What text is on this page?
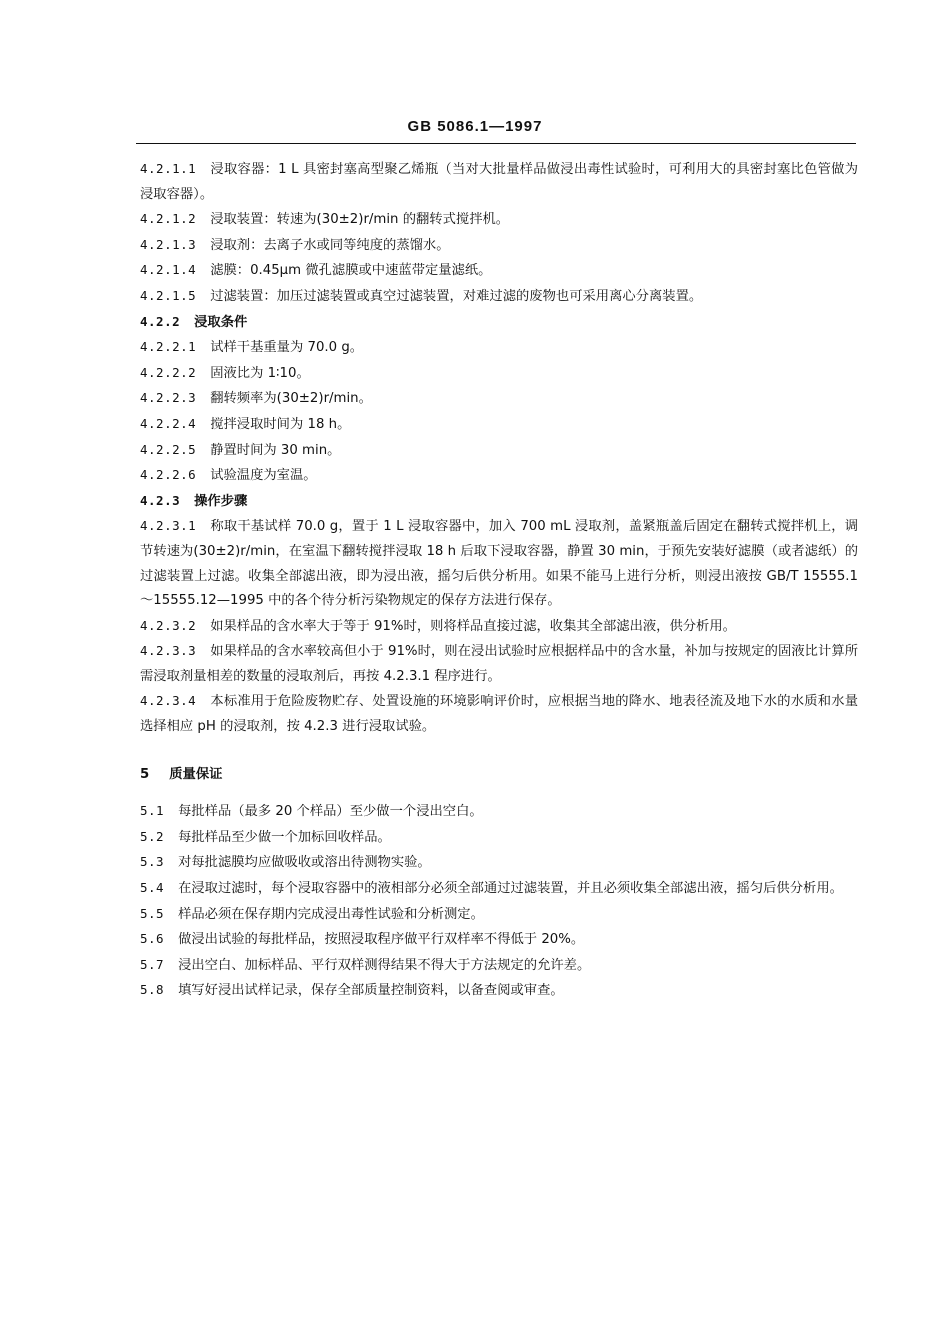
GB 5086.1—1997

4.2.1.1 浸取容器：1 L 具密封塞高型聚乙烯瓶（当对大批量样品做浸出毒性试验时，可利用大的具密封塞比色管做为浸取容器）。

4.2.1.2 浸取装置：转速为(30±2)r/min 的翻转式搅拌机。

4.2.1.3 浸取剂：去离子水或同等纯度的蒸馏水。

4.2.1.4 滤膜：0.45μm 微孔滤膜或中速蓝带定量滤纸。

4.2.1.5 过滤装置：加压过滤装置或真空过滤装置，对难过滤的废物也可采用离心分离装置。

4.2.2 浸取条件

4.2.2.1 试样干基重量为 70.0 g。

4.2.2.2 固液比为 1∶10。

4.2.2.3 翻转频率为(30±2)r/min。

4.2.2.4 搅拌浸取时间为 18 h。

4.2.2.5 静置时间为 30 min。

4.2.2.6 试验温度为室温。

4.2.3 操作步骤

4.2.3.1 称取干基试样 70.0 g，置于 1 L 浸取容器中，加入 700 mL 浸取剂，盖紧瓶盖后固定在翻转式搅拌机上，调节转速为(30±2)r/min，在室温下翻转搅拌浸取 18 h 后取下浸取容器，静置 30 min，于预先安装好滤膜（或者滤纸）的过滤装置上过滤。收集全部滤出液，即为浸出液，摇匀后供分析用。如果不能马上进行分析，则浸出液按 GB/T 15555.1～15555.12—1995 中的各个待分析污染物规定的保存方法进行保存。

4.2.3.2 如果样品的含水率大于等于 91%时，则将样品直接过滤，收集其全部滤出液，供分析用。

4.2.3.3 如果样品的含水率较高但小于 91%时，则在浸出试验时应根据样品中的含水量，补加与按规定的固液比计算所需浸取剂量相差的数量的浸取剂后，再按 4.2.3.1 程序进行。

4.2.3.4 本标准用于危险废物贮存、处置设施的环境影响评价时，应根据当地的降水、地表径流及地下水的水质和水量选择相应 pH 的浸取剂，按 4.2.3 进行浸取试验。

5 质量保证

5.1 每批样品（最多 20 个样品）至少做一个浸出空白。

5.2 每批样品至少做一个加标回收样品。

5.3 对每批滤膜均应做吸收或溶出待测物实验。

5.4 在浸取过滤时，每个浸取容器中的液相部分必须全部通过过滤装置，并且必须收集全部滤出液，摇匀后供分析用。

5.5 样品必须在保存期内完成浸出毒性试验和分析测定。

5.6 做浸出试验的每批样品，按照浸取程序做平行双样率不得低于 20%。

5.7 浸出空白、加标样品、平行双样测得结果不得大于方法规定的允许差。

5.8 填写好浸出试样记录，保存全部质量控制资料，以备查阅或审查。
